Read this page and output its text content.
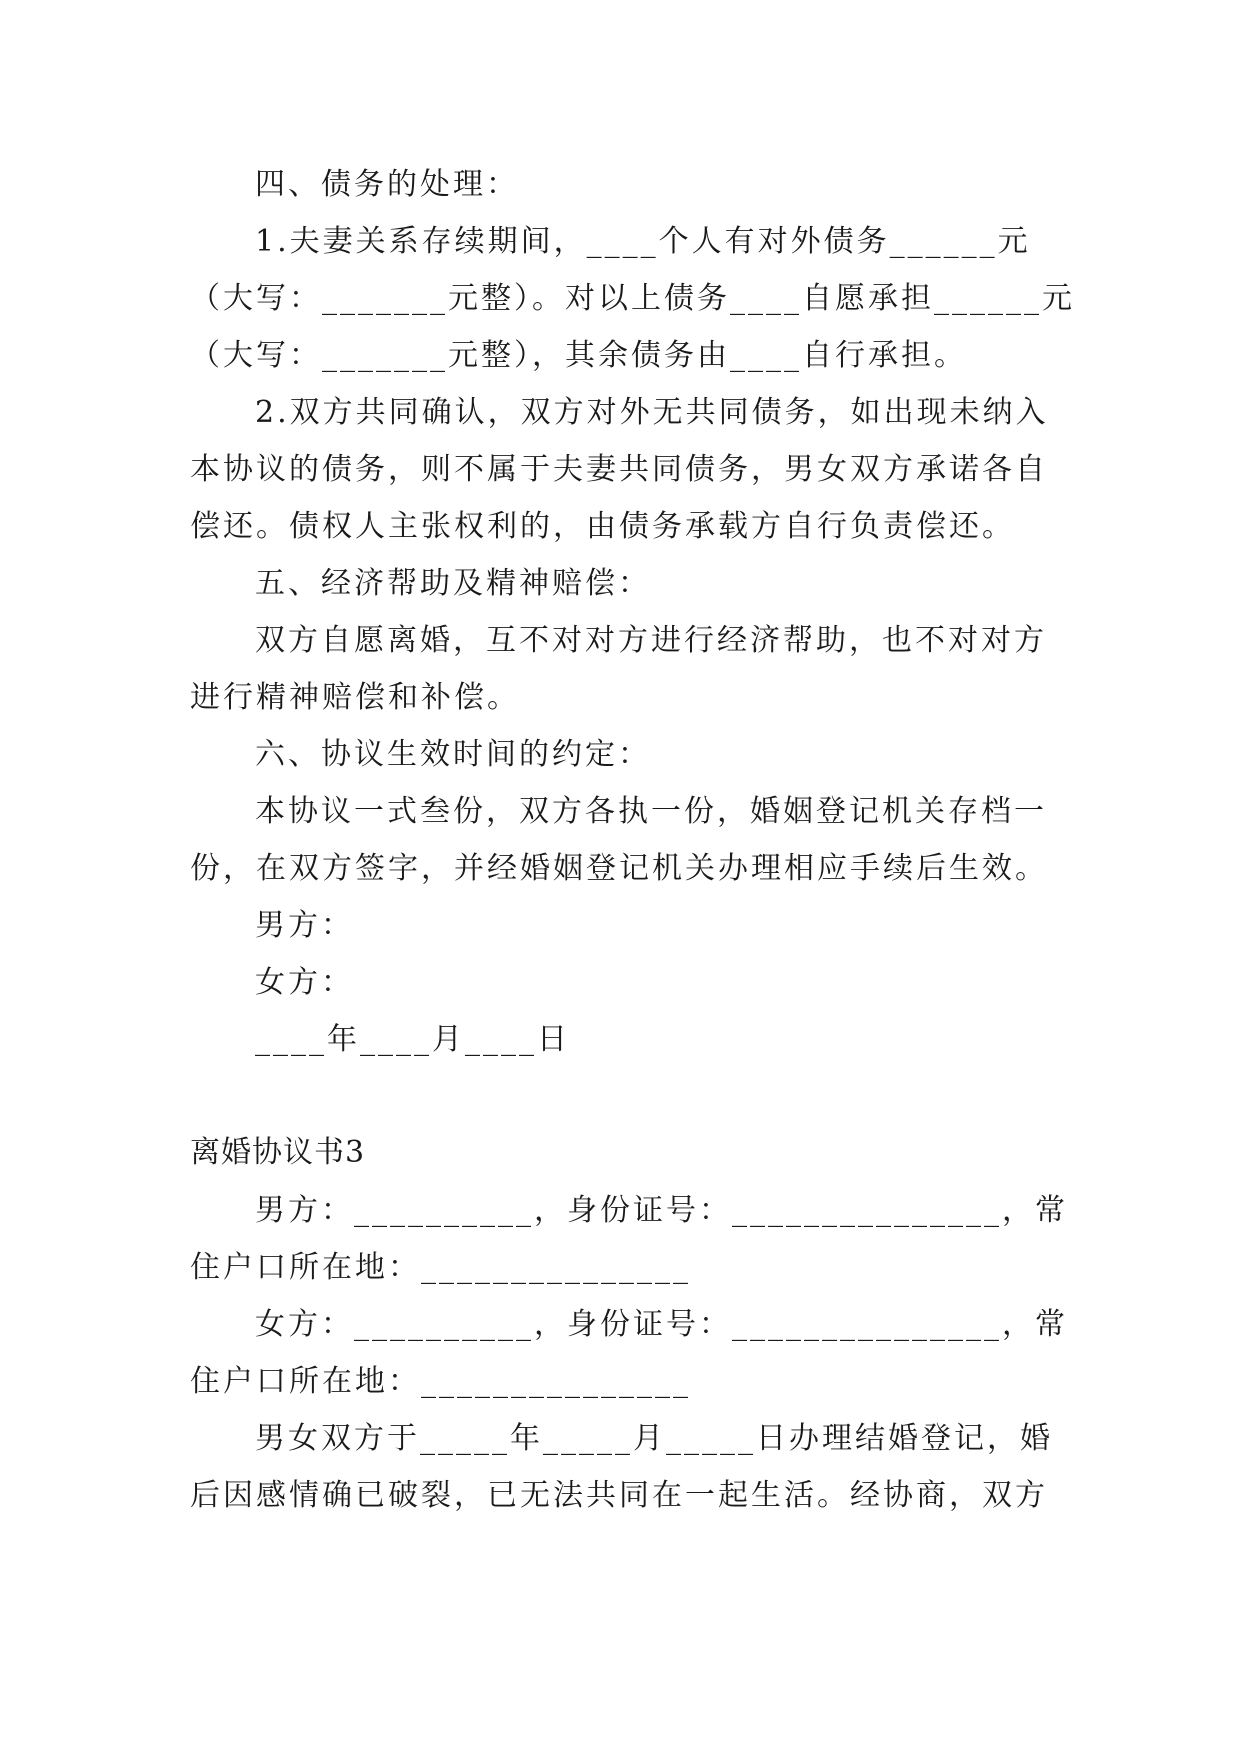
四、债务的处理：
1.夫妻关系存续期间，____个人有对外债务______元
（大写：_______元整）。对以上债务____自愿承担______元
（大写：_______元整），其余债务由____自行承担。
2.双方共同确认，双方对外无共同债务，如出现未纳入
本协议的债务，则不属于夫妻共同债务，男女双方承诺各自
偿还。债权人主张权利的，由债务承载方自行负责偿还。
五、经济帮助及精神赔偿：
双方自愿离婚，互不对对方进行经济帮助，也不对对方
进行精神赔偿和补偿。
六、协议生效时间的约定：
本协议一式叁份，双方各执一份，婚姻登记机关存档一
份，在双方签字，并经婚姻登记机关办理相应手续后生效。
男方：
女方：
____年____月____日
离婚协议书3
男方：__________，身份证号：_______________，常
住户口所在地：_______________
女方：__________，身份证号：_______________，常
住户口所在地：_______________
男女双方于_____年_____月_____日办理结婚登记，婚
后因感情确已破裂，已无法共同在一起生活。经协商，双方
